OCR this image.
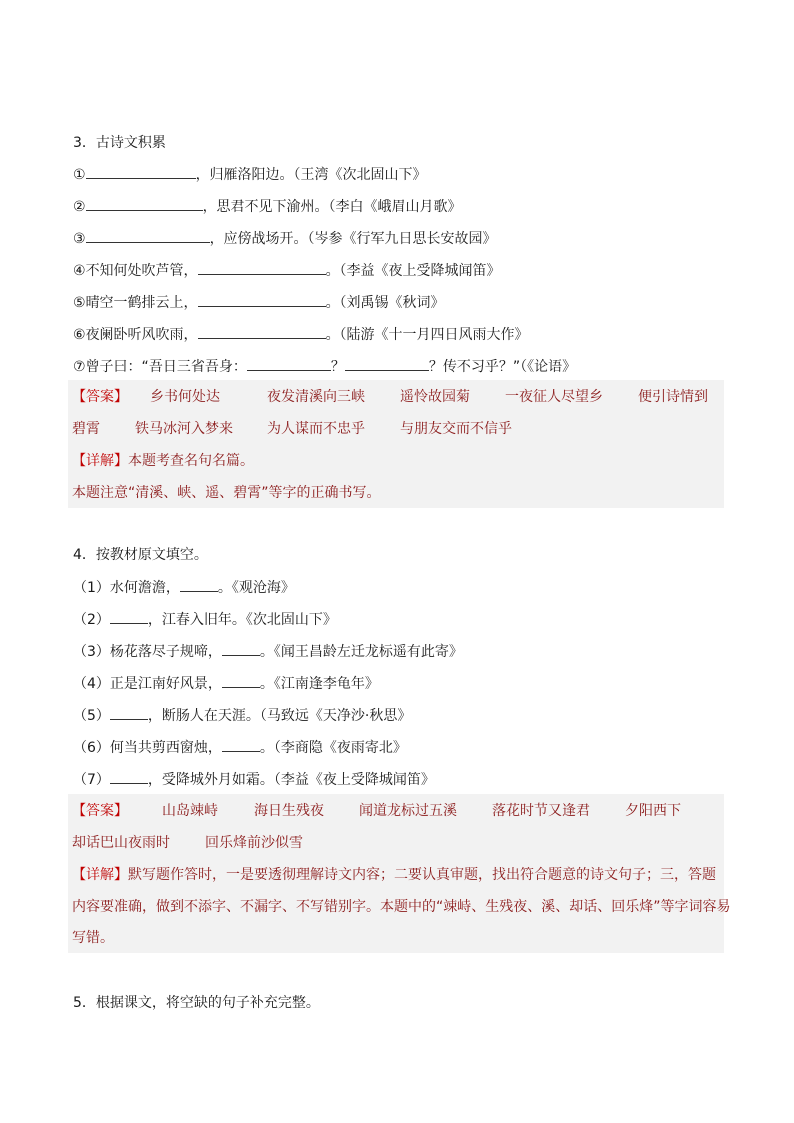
3．古诗文积累
①	，归雁洛阳边。（王湾《次北固山下》
②	，思君不见下渝州。（李白《峨眉山月歌》
③	，应傍战场开。（岑参《行军九日思长安故园》
④不知何处吹芦管，	。（李益《夜上受降城闻笛》
⑤晴空一鹤排云上，	。（刘禹锡《秋词》
⑥夜阑卧听风吹雨，	。（陆游《十一月四日风雨大作》
⑦曾子曰：“吾日三省吾身：	？	？传不习乎？”（《论语》
【答案】 乡书何处达	夜发清溪向三峡	遥怜故园菊	一夜征人尽望乡	便引诗情到
碧霄	铁马冰河入梦来 为人谋而不忠乎	与朋友交而不信乎
【详解】本题考查名句名篇。
本题注意“清溪、峡、遥、碧霄”等字的正确书写。
4．按教材原文填空。
（1）水何澹澹，	。《观沧海》
（2）	，江春入旧年。《次北固山下》
（3）杨花落尽子规啼，	。《闻王昌龄左迁龙标遥有此寄》
（4）正是江南好风景，	。《江南逢李龟年》
（5）	，断肠人在天涯。（马致远《天净沙·秋思》
（6）何当共剪西窗烛，	。（李商隐《夜雨寄北》
（7）	，受降城外月如霜。（李益《夜上受降城闻笛》
【答案】 山岛竦峙	海日生残夜	闻道龙标过五溪	落花时节又逢君	夕阳西下
却话巴山夜雨时	回乐烽前沙似雪
【详解】默写题作答时，一是要透彻理解诗文内容；二要认真审题，找出符合题意的诗文句子；三，答题
内容要准确，做到不添字、不漏字、不写错别字。本题中的“竦峙、生残夜、溪、却话、回乐烽”等字词容易
写错。
5．根据课文，将空缺的句子补充完整。
